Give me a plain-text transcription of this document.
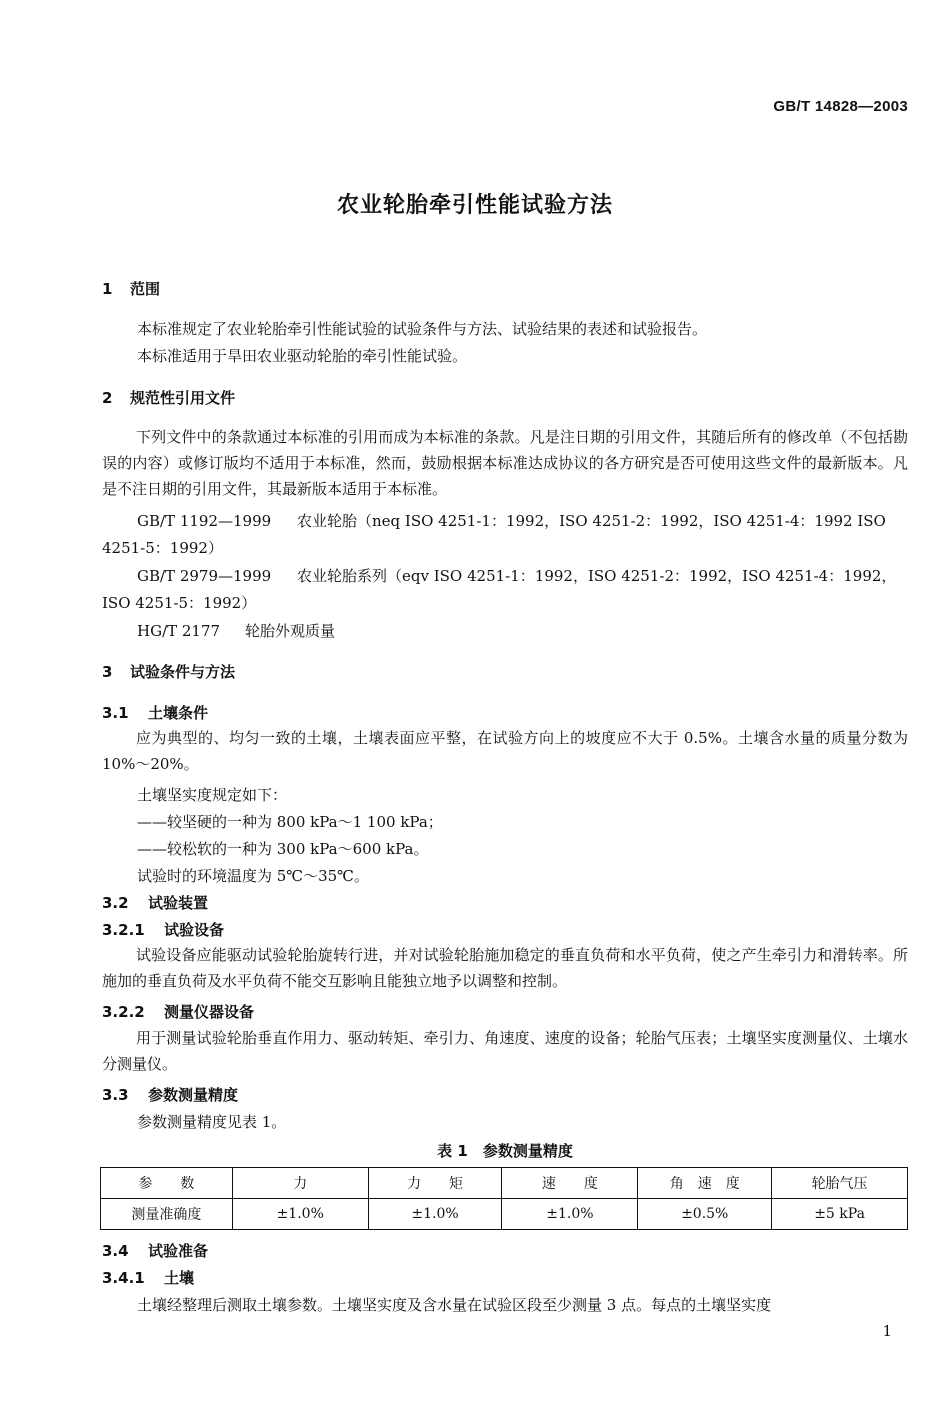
GB/T 14828—2003
农业轮胎牵引性能试验方法
1 范围
本标准规定了农业轮胎牵引性能试验的试验条件与方法、试验结果的表述和试验报告。
本标准适用于旱田农业驱动轮胎的牵引性能试验。
2 规范性引用文件
下列文件中的条款通过本标准的引用而成为本标准的条款。凡是注日期的引用文件，其随后所有的修改单（不包括勘误的内容）或修订版均不适用于本标准，然而，鼓励根据本标准达成协议的各方研究是否可使用这些文件的最新版本。凡是不注日期的引用文件，其最新版本适用于本标准。
GB/T 1192—1999 农业轮胎（neq ISO 4251-1：1992，ISO 4251-2：1992，ISO 4251-4：1992 ISO
4251-5：1992）
GB/T 2979—1999 农业轮胎系列（eqv ISO 4251-1：1992，ISO 4251-2：1992，ISO 4251-4：1992，
ISO 4251-5：1992）
HG/T 2177 轮胎外观质量
3 试验条件与方法
3.1 土壤条件
应为典型的、均匀一致的土壤，土壤表面应平整，在试验方向上的坡度应不大于 0.5%。土壤含水量的质量分数为 10%～20%。
土壤坚实度规定如下：
——较坚硬的一种为 800 kPa～1 100 kPa；
——较松软的一种为 300 kPa～600 kPa。
试验时的环境温度为 5℃～35℃。
3.2 试验装置
3.2.1 试验设备
试验设备应能驱动试验轮胎旋转行进，并对试验轮胎施加稳定的垂直负荷和水平负荷，使之产生牵引力和滑转率。所施加的垂直负荷及水平负荷不能交互影响且能独立地予以调整和控制。
3.2.2 测量仪器设备
用于测量试验轮胎垂直作用力、驱动转矩、牵引力、角速度、速度的设备；轮胎气压表；土壤坚实度测量仪、土壤水分测量仪。
3.3 参数测量精度
参数测量精度见表 1。
表 1　参数测量精度
参　　数	力	力　　矩	速　　度	角　速　度	轮胎气压
测量准确度	±1.0%	±1.0%	±1.0%	±0.5%	±5 kPa
3.4 试验准备
3.4.1 土壤
土壤经整理后测取土壤参数。土壤坚实度及含水量在试验区段至少测量 3 点。每点的土壤坚实度
1
